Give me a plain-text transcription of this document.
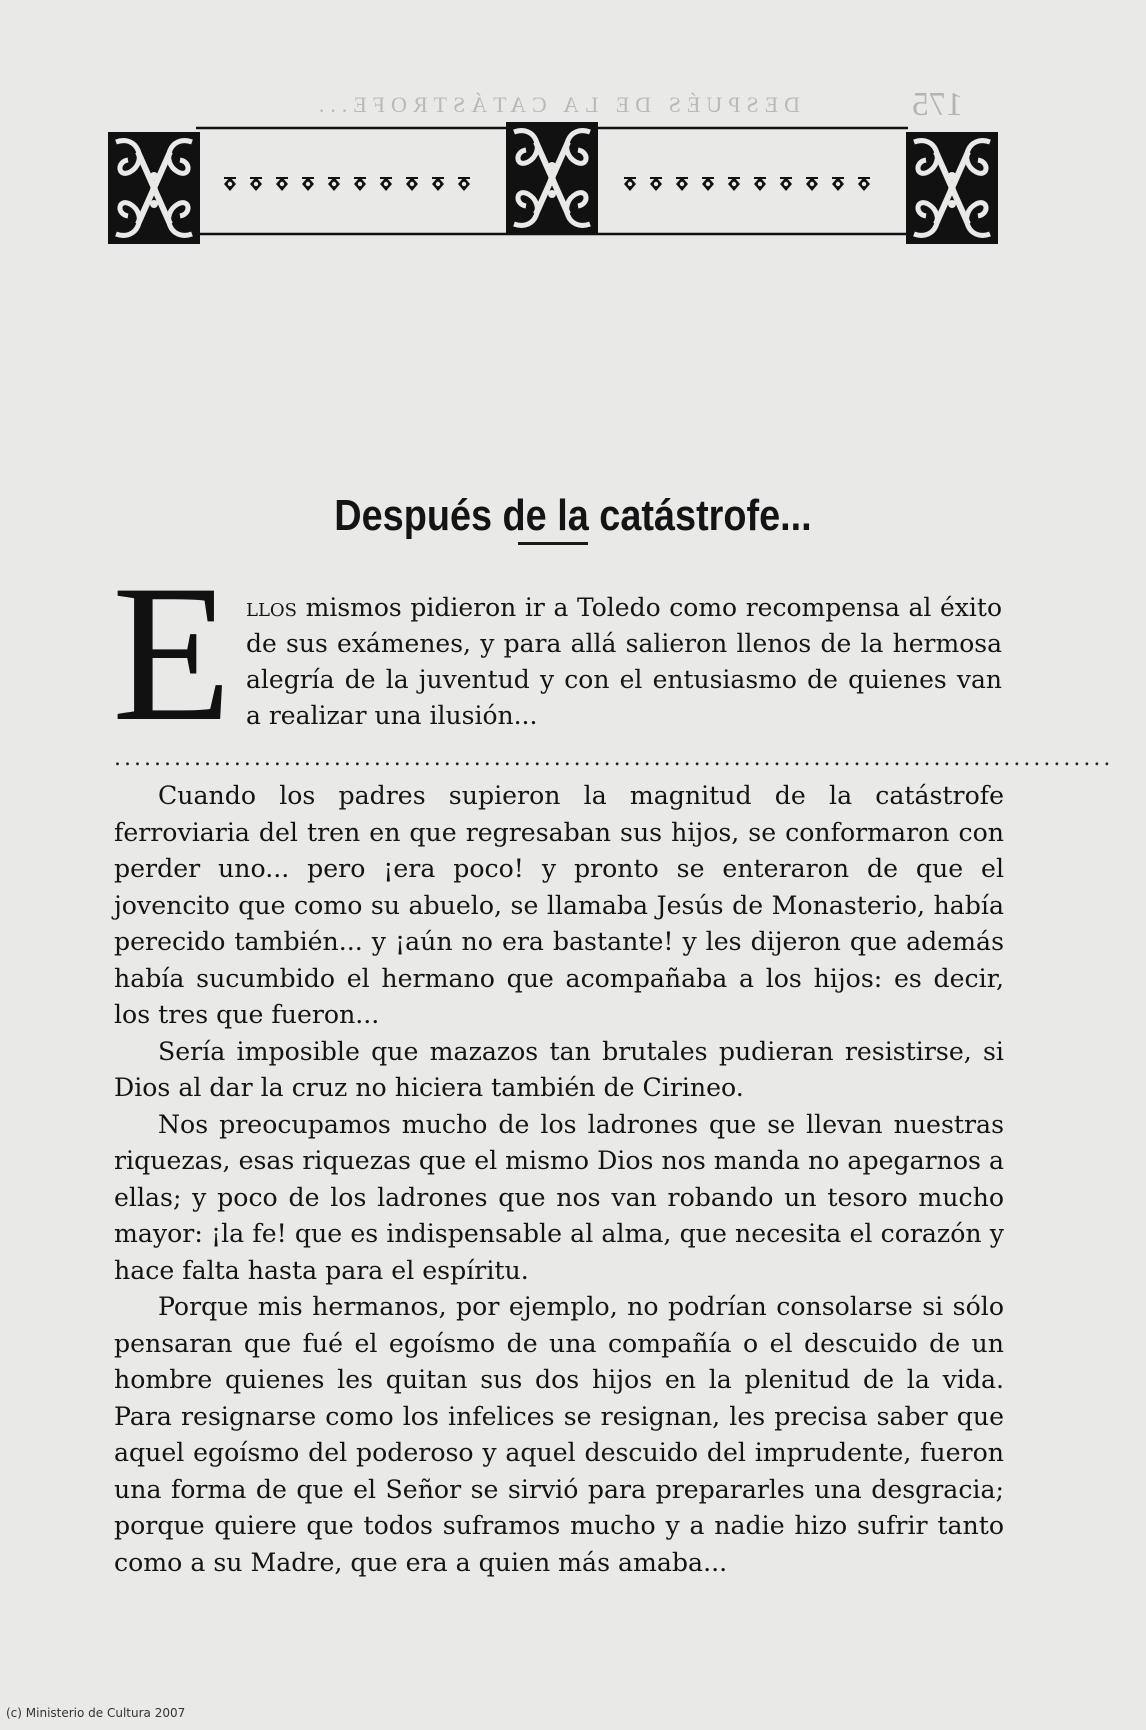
DESPUÉS DE LA CATÁSTROFE...	175
Después de la catástrofe...
E llos mismos pidieron ir a Toledo como recompensa al éxito de sus exámenes, y para allá salieron llenos de la hermosa alegría de la juventud y con el entusiasmo de quienes van a realizar una ilusión...
....................................................................................................

Cuando los padres supieron la magnitud de la catástrofe ferroviaria del tren en que regresaban sus hijos, se conformaron con perder uno... pero ¡era poco! y pronto se enteraron de que el jovencito que como su abuelo, se llamaba Jesús de Monasterio, había perecido también... y ¡aún no era bastante! y les dijeron que además había sucumbido el hermano que acompañaba a los hijos: es decir, los tres que fueron...

Sería imposible que mazazos tan brutales pudieran resistirse, si Dios al dar la cruz no hiciera también de Cirineo.

Nos preocupamos mucho de los ladrones que se llevan nuestras riquezas, esas riquezas que el mismo Dios nos manda no apegarnos a ellas; y poco de los ladrones que nos van robando un tesoro mucho mayor: ¡la fe! que es indispensable al alma, que necesita el corazón y hace falta hasta para el espíritu.

Porque mis hermanos, por ejemplo, no podrían consolarse si sólo pensaran que fué el egoísmo de una compañía o el descuido de un hombre quienes les quitan sus dos hijos en la plenitud de la vida. Para resignarse como los infelices se resignan, les precisa saber que aquel egoísmo del poderoso y aquel descuido del imprudente, fueron una forma de que el Señor se sirvió para prepararles una desgracia; porque quiere que todos suframos mucho y a nadie hizo sufrir tanto como a su Madre, que era a quien más amaba...

(c) Ministerio de Cultura 2007
